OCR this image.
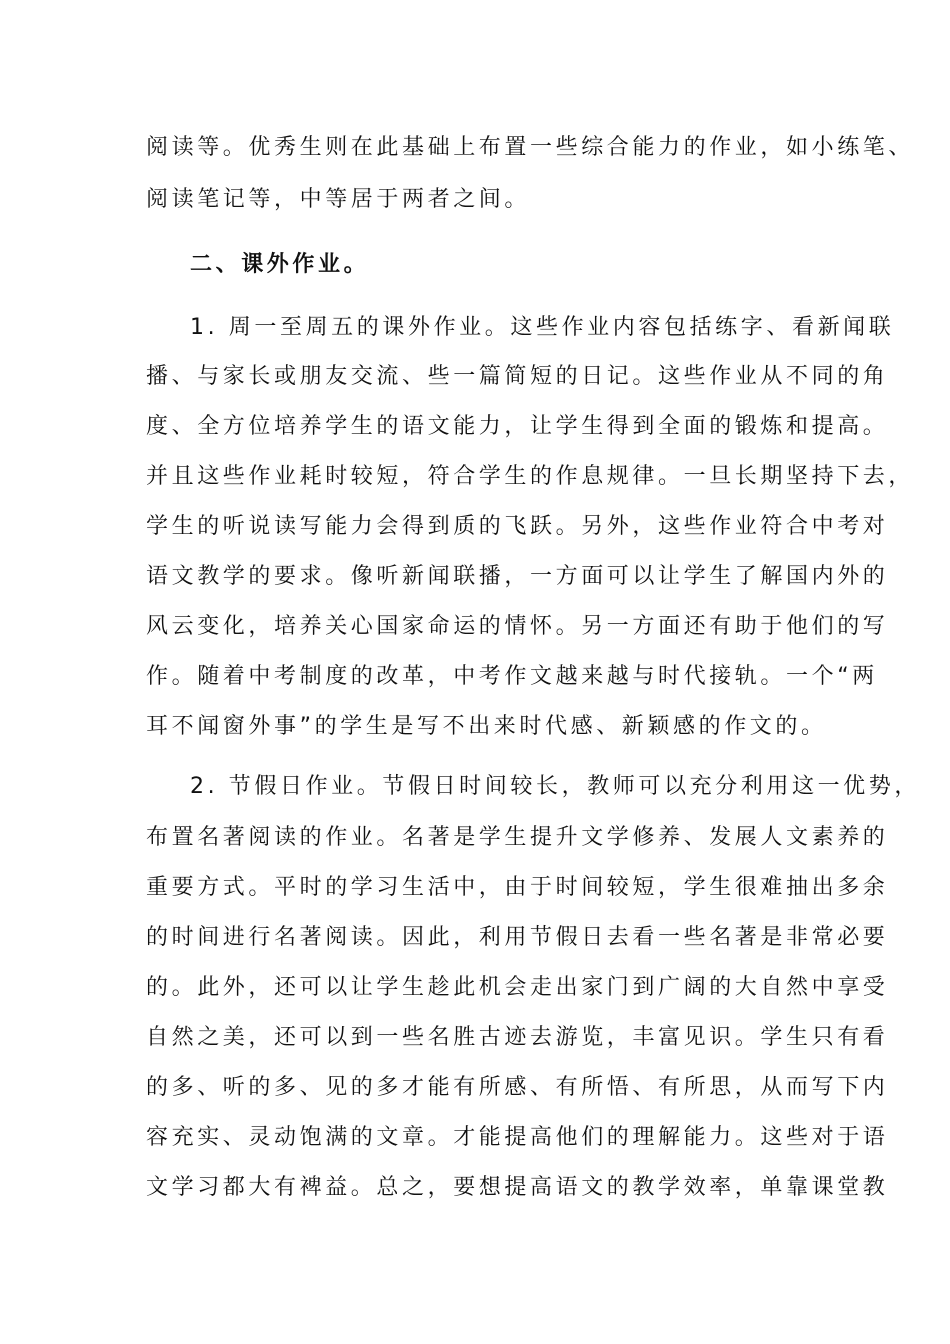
阅读等。优秀生则在此基础上布置一些综合能力的作业，如小练笔、
阅读笔记等，中等居于两者之间。
二、课外作业。
1. 周一至周五的课外作业。这些作业内容包括练字、看新闻联
播、与家长或朋友交流、些一篇简短的日记。这些作业从不同的角
度、全方位培养学生的语文能力，让学生得到全面的锻炼和提高。
并且这些作业耗时较短，符合学生的作息规律。一旦长期坚持下去，
学生的听说读写能力会得到质的飞跃。另外，这些作业符合中考对
语文教学的要求。像听新闻联播，一方面可以让学生了解国内外的
风云变化，培养关心国家命运的情怀。另一方面还有助于他们的写
作。随着中考制度的改革，中考作文越来越与时代接轨。一个“两
耳不闻窗外事”的学生是写不出来时代感、新颖感的作文的。
2. 节假日作业。节假日时间较长，教师可以充分利用这一优势，
布置名著阅读的作业。名著是学生提升文学修养、发展人文素养的
重要方式。平时的学习生活中，由于时间较短，学生很难抽出多余
的时间进行名著阅读。因此，利用节假日去看一些名著是非常必要
的。此外，还可以让学生趁此机会走出家门到广阔的大自然中享受
自然之美，还可以到一些名胜古迹去游览，丰富见识。学生只有看
的多、听的多、见的多才能有所感、有所悟、有所思，从而写下内
容充实、灵动饱满的文章。才能提高他们的理解能力。这些对于语
文学习都大有裨益。总之，要想提高语文的教学效率，单靠课堂教
